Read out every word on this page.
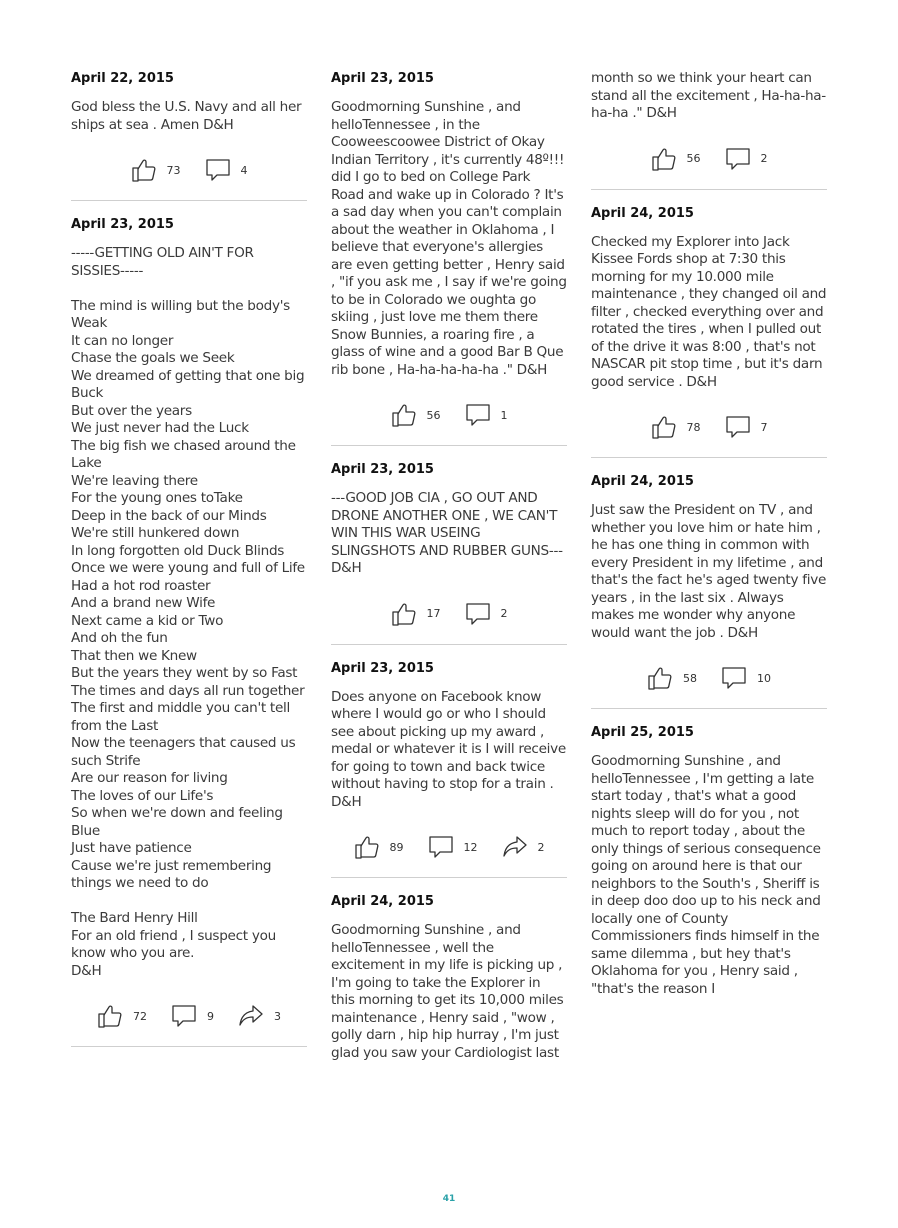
April 22, 2015
God bless the U.S. Navy and all her ships at sea . Amen D&H
73	4
April 23, 2015
-----GETTING OLD AIN'T FOR SISSIES-----

The mind is willing but the body's Weak
It can no longer
Chase the goals we Seek
We dreamed of getting that one big Buck
But over the years
We just never had the Luck
The big fish we chased around the Lake
We're leaving there
For the young ones toTake
Deep in the back of our Minds
We're still hunkered down
In long forgotten old Duck Blinds
Once we were young and full of Life
Had a hot rod roaster
And a brand new Wife
Next came a kid or Two
And oh the fun
That then we Knew
But the years they went by so Fast
The times and days all run together
The first and middle you can't tell from the Last
Now the teenagers that caused us such Strife
Are our reason for living
The loves of our Life's
So when we're down and feeling Blue
Just have patience
Cause we're just remembering things we need to do

The Bard Henry Hill
For an old friend , I suspect you know who you are.
D&H
72	9	3
April 23, 2015
Goodmorning Sunshine , and helloTennessee , in the Cooweescoowee District of Okay Indian Territory , it's currently 48º!!! did I go to bed on College Park Road and wake up in Colorado ? It's a sad day when you can't complain about the weather in Oklahoma , I believe that everyone's allergies are even getting better , Henry said , "if you ask me , I say if we're going to be in Colorado we oughta go skiing , just love me them there Snow Bunnies, a roaring fire , a glass of wine and a good Bar B Que rib bone , Ha-ha-ha-ha-ha ." D&H
56	1
April 23, 2015
---GOOD JOB CIA , GO OUT AND DRONE ANOTHER ONE , WE CAN'T WIN THIS WAR USEING SLINGSHOTS AND RUBBER GUNS--- D&H
17	2
April 23, 2015
Does anyone on Facebook know where I would go or who I should see about picking up my award , medal or whatever it is I will receive for going to town and back twice without having to stop for a train . D&H
89	12	2
April 24, 2015
Goodmorning Sunshine , and helloTennessee , well the excitement in my life is picking up , I'm going to take the Explorer in this morning to get its 10,000 miles maintenance , Henry said , "wow , golly darn , hip hip hurray , I'm just glad you saw your Cardiologist last
month so we think your heart can stand all the excitement , Ha-ha-ha-ha-ha ." D&H
56	2
April 24, 2015
Checked my Explorer into Jack Kissee Fords shop at 7:30 this morning for my 10.000 mile maintenance , they changed oil and filter , checked everything over and rotated the tires , when I pulled out of the drive it was 8:00 , that's not NASCAR pit stop time , but it's darn good service . D&H
78	7
April 24, 2015
Just saw the President on TV , and whether you love him or hate him , he has one thing in common with every President in my lifetime , and that's the fact he's aged twenty five years , in the last six . Always makes me wonder why anyone would want the job . D&H
58	10
April 25, 2015
Goodmorning Sunshine , and helloTennessee , I'm getting a late start today , that's what a good nights sleep will do for you , not much to report today , about the only things of serious consequence going on around here is that our neighbors to the South's , Sheriff is in deep doo doo up to his neck and locally one of County Commissioners finds himself in the same dilemma , but hey that's Oklahoma for you , Henry said , "that's the reason I
41
